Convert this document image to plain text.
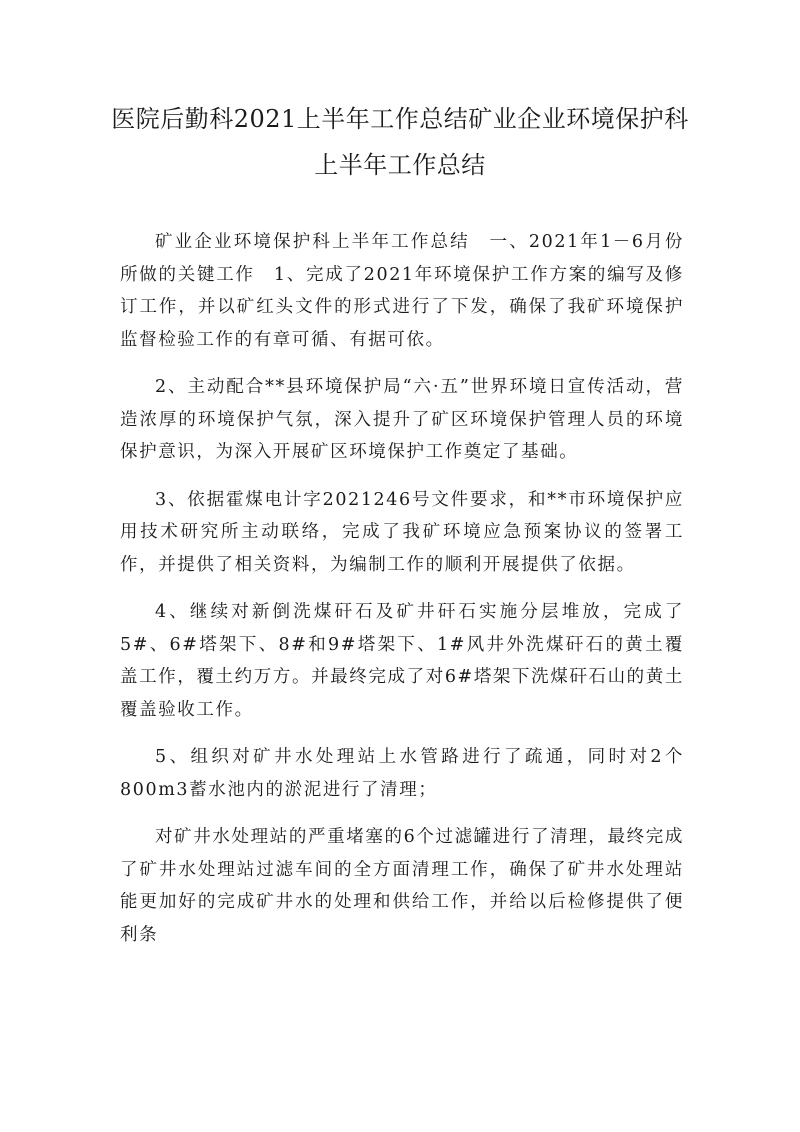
医院后勤科2021上半年工作总结矿业企业环境保护科上半年工作总结

矿业企业环境保护科上半年工作总结　一、2021年1－6月份所做的关键工作　1、完成了2021年环境保护工作方案的编写及修订工作，并以矿红头文件的形式进行了下发，确保了我矿环境保护监督检验工作的有章可循、有据可依。

2、主动配合**县环境保护局“六·五”世界环境日宣传活动，营造浓厚的环境保护气氛，深入提升了矿区环境保护管理人员的环境保护意识，为深入开展矿区环境保护工作奠定了基础。

3、依据霍煤电计字2021246号文件要求，和**市环境保护应用技术研究所主动联络，完成了我矿环境应急预案协议的签署工作，并提供了相关资料，为编制工作的顺利开展提供了依据。

4、继续对新倒洗煤矸石及矿井矸石实施分层堆放，完成了5#、6#塔架下、8#和9#塔架下、1#风井外洗煤矸石的黄土覆盖工作，覆土约万方。并最终完成了对6#塔架下洗煤矸石山的黄土覆盖验收工作。

5、组织对矿井水处理站上水管路进行了疏通，同时对2个800m3蓄水池内的淤泥进行了清理；

对矿井水处理站的严重堵塞的6个过滤罐进行了清理，最终完成了矿井水处理站过滤车间的全方面清理工作，确保了矿井水处理站能更加好的完成矿井水的处理和供给工作，并给以后检修提供了便利条
